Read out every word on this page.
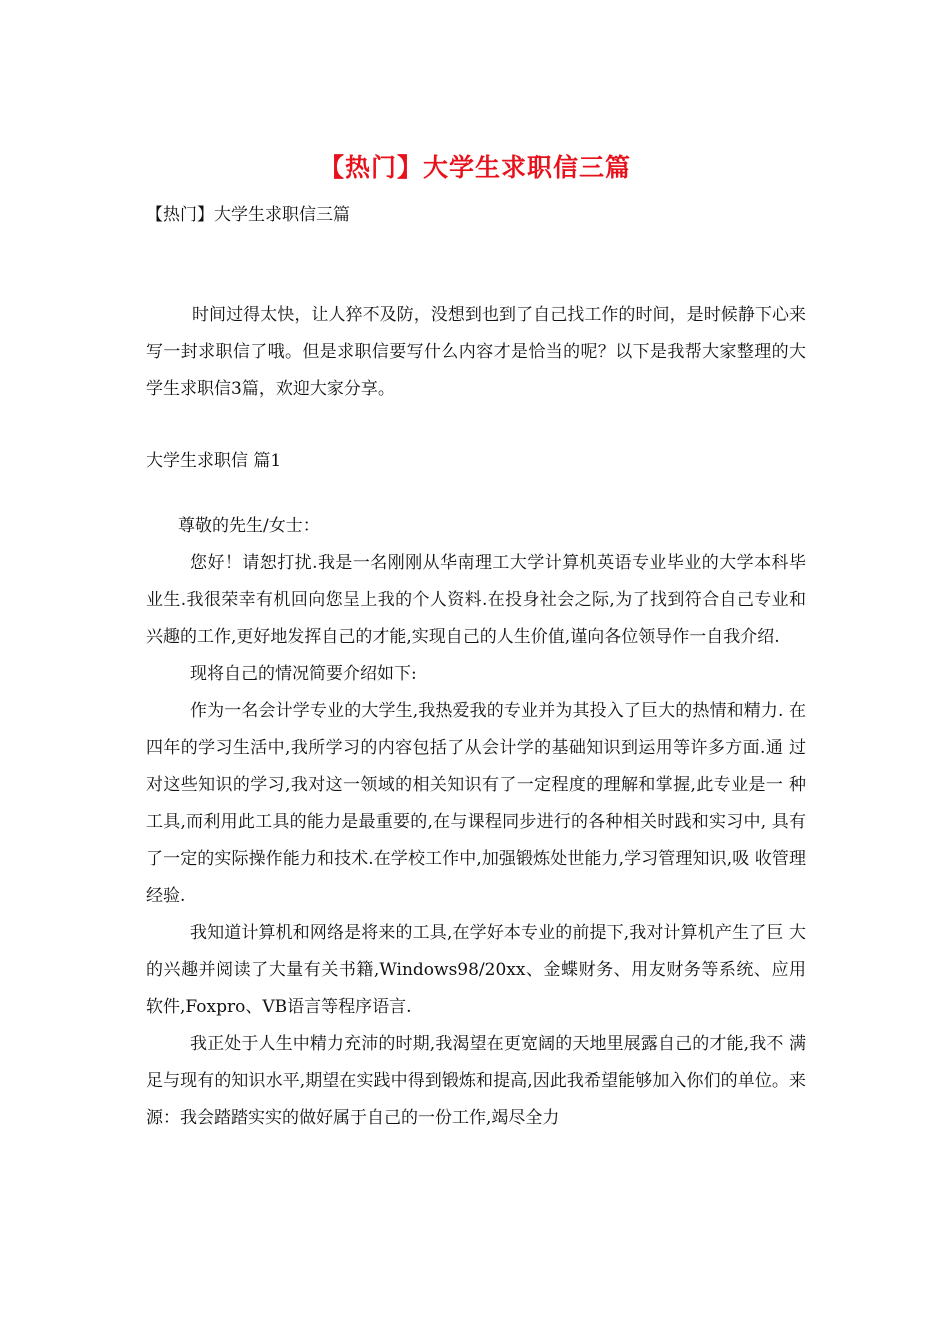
【热门】大学生求职信三篇
【热门】大学生求职信三篇
时间过得太快，让人猝不及防，没想到也到了自己找工作的时间，是时候静下心来写一封求职信了哦。但是求职信要写什么内容才是恰当的呢？以下是我帮大家整理的大学生求职信3篇，欢迎大家分享。
大学生求职信 篇1

尊敬的先生/女士：

您好！请恕打扰.我是一名刚刚从华南理工大学计算机英语专业毕业的大学本科毕业生.我很荣幸有机回向您呈上我的个人资料.在投身社会之际,为了找到符合自己专业和兴趣的工作,更好地发挥自己的才能,实现自己的人生价值,谨向各位领导作一自我介绍.

现将自己的情况简要介绍如下:

作为一名会计学专业的大学生,我热爱我的专业并为其投入了巨大的热情和精力. 在四年的学习生活中,我所学习的内容包括了从会计学的基础知识到运用等许多方面.通 过对这些知识的学习,我对这一领域的相关知识有了一定程度的理解和掌握,此专业是一 种工具,而利用此工具的能力是最重要的,在与课程同步进行的各种相关时践和实习中, 具有了一定的实际操作能力和技术.在学校工作中,加强锻炼处世能力,学习管理知识,吸 收管理经验.

我知道计算机和网络是将来的工具,在学好本专业的前提下,我对计算机产生了巨 大的兴趣并阅读了大量有关书籍,Windows98/20xx、金蝶财务、用友财务等系统、应用 软件,Foxpro、VB语言等程序语言.

我正处于人生中精力充沛的时期,我渴望在更宽阔的天地里展露自己的才能,我不 满足与现有的知识水平,期望在实践中得到锻炼和提高,因此我希望能够加入你们的单位。来源：我会踏踏实实的做好属于自己的一份工作,竭尽全力
